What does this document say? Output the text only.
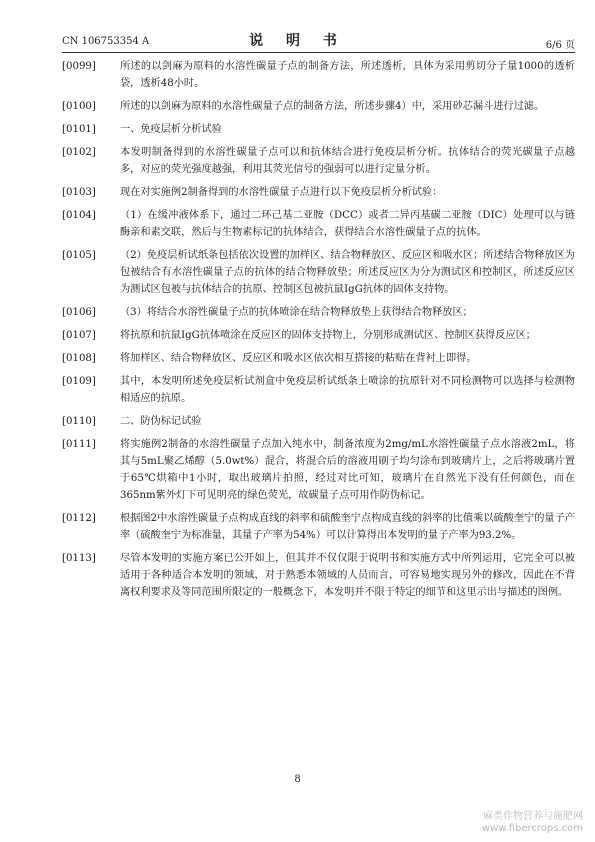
CN 106753354 A	说 明 书	6/6 页
[0099] 所述的以剑麻为原料的水溶性碳量子点的制备方法，所述透析，具体为采用剪切分子量1000的透析袋，透析48小时。
[0100] 所述的以剑麻为原料的水溶性碳量子点的制备方法，所述步骤4）中，采用砂芯漏斗进行过滤。
[0101] 一、免疫层析分析试验
[0102] 本发明制备得到的水溶性碳量子点可以和抗体结合进行免疫层析分析。抗体结合的荧光碳量子点越多，对应的荧光强度越强，利用其荧光信号的强弱可以进行定量分析。
[0103] 现在对实施例2制备得到的水溶性碳量子点进行以下免疫层析分析试验：
[0104] （1）在缓冲液体系下，通过二环己基二亚胺（DCC）或者二异丙基碳二亚胺（DIC）处理可以与链酶亲和素交联，然后与生物素标记的抗体结合，获得结合水溶性碳量子点的抗体。
[0105] （2）免疫层析试纸条包括依次设置的加样区、结合物释放区、反应区和吸水区；所述结合物释放区为包被结合有水溶性碳量子点的抗体的结合物释放垫；所述反应区为分为测试区和控制区，所述反应区为测试区包被与抗体结合的抗原、控制区包被抗鼠IgG抗体的固体支持物。
[0106] （3）将结合水溶性碳量子点的抗体喷涂在结合物释放垫上获得结合物释放区；
[0107] 将抗原和抗鼠IgG抗体喷涂在反应区的固体支持物上，分别形成测试区、控制区获得反应区；
[0108] 将加样区、结合物释放区、反应区和吸水区依次相互搭接的粘贴在背衬上即得。
[0109] 其中，本发明所述免疫层析试剂盒中免疫层析试纸条上喷涂的抗原针对不同检测物可以选择与检测物相适应的抗原。
[0110] 二、防伪标记试验
[0111] 将实施例2制备的水溶性碳量子点加入纯水中，制备浓度为2mg/mL水溶性碳量子点水溶液2mL，将其与5mL聚乙烯醇（5.0wt%）混合，将混合后的溶液用刷子均匀涂布到玻璃片上，之后将玻璃片置于65℃烘箱中1小时，取出玻璃片拍照，经过对比可知，玻璃片在自然光下没有任何颜色，而在365nm紫外灯下可见明亮的绿色荧光，故碳量子点可用作防伪标记。
[0112] 根据图2中水溶性碳量子点构成直线的斜率和硫酸奎宁点构成直线的斜率的比值乘以硫酸奎宁的量子产率（硫酸奎宁为标准量，其量子产率为54%）可以计算得出本发明的量子产率为93.2%。
[0113] 尽管本发明的实施方案已公开如上，但其并不仅仅限于说明书和实施方式中所列运用，它完全可以被适用于各种适合本发明的领域，对于熟悉本领域的人员而言，可容易地实现另外的修改，因此在不背离权利要求及等同范围所限定的一般概念下，本发明并不限于特定的细节和这里示出与描述的图例。
8
麻类作物营养与施肥网
www.fibercrops.com
